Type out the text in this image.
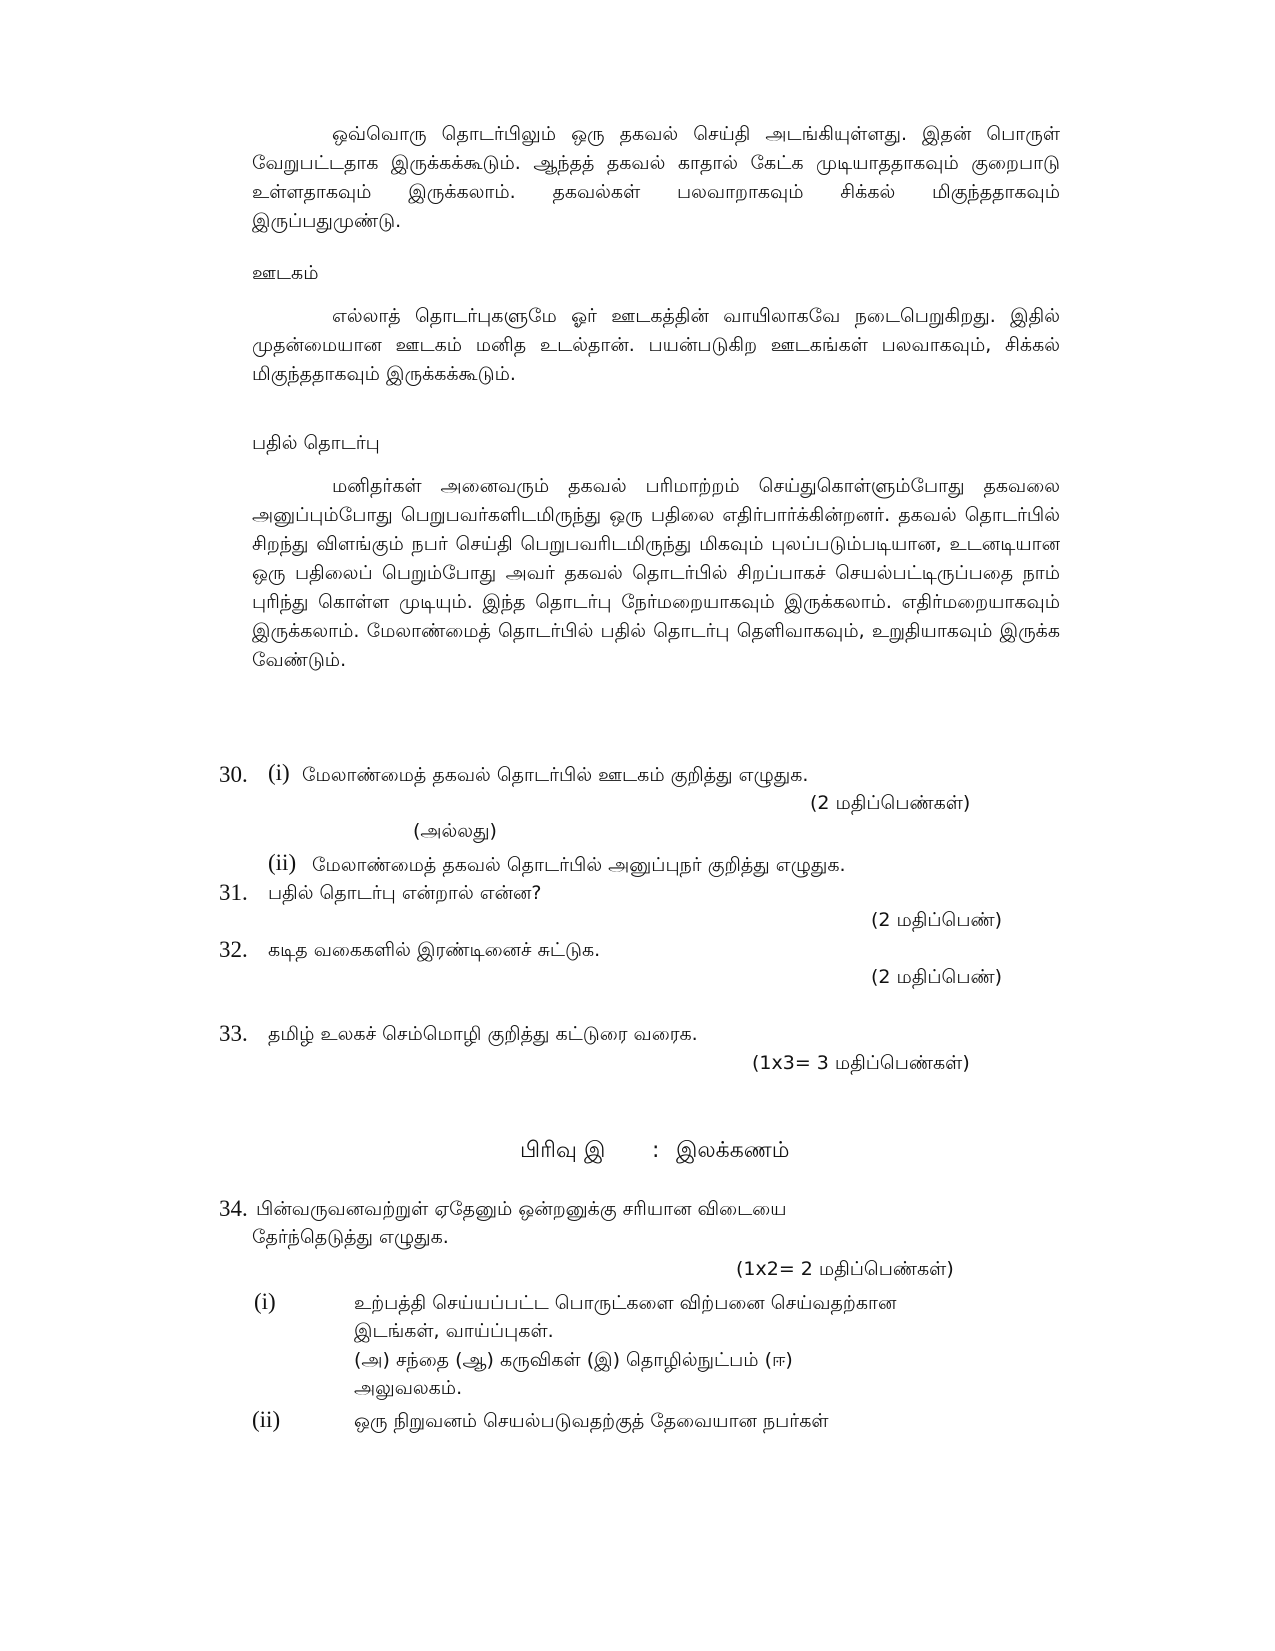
ஒவ்வொரு தொடர்பிலும் ஒரு தகவல் செய்தி அடங்கியுள்ளது. இதன் பொருள் வேறுபட்டதாக இருக்கக்கூடும். ஆந்தத் தகவல் காதால் கேட்க முடியாததாகவும் குறைபாடு உள்ளதாகவும் இருக்கலாம். தகவல்கள் பலவாறாகவும் சிக்கல் மிகுந்ததாகவும் இருப்பதுமுண்டு.

ஊடகம்

எல்லாத் தொடர்புகளுமே ஓர் ஊடகத்தின் வாயிலாகவே நடைபெறுகிறது. இதில் முதன்மையான ஊடகம் மனித உடல்தான். பயன்படுகிற ஊடகங்கள் பலவாகவும், சிக்கல் மிகுந்ததாகவும் இருக்கக்கூடும்.

பதில் தொடர்பு

மனிதர்கள் அனைவரும் தகவல் பரிமாற்றம் செய்துகொள்ளும்போது தகவலை அனுப்பும்போது பெறுபவர்களிடமிருந்து ஒரு பதிலை எதிர்பார்க்கின்றனர். தகவல் தொடர்பில் சிறந்து விளங்கும் நபர் செய்தி பெறுபவரிடமிருந்து மிகவும் புலப்படும்படியான, உடனடியான ஒரு பதிலைப் பெறும்போது அவர் தகவல் தொடர்பில் சிறப்பாகச் செயல்பட்டிருப்பதை நாம் புரிந்து கொள்ள முடியும். இந்த தொடர்பு நேர்மறையாகவும் இருக்கலாம். எதிர்மறையாகவும் இருக்கலாம். மேலாண்மைத் தொடர்பில் பதில் தொடர்பு தெளிவாகவும், உறுதியாகவும் இருக்க வேண்டும்.

30. (i) மேலாண்மைத் தகவல் தொடர்பில் ஊடகம் குறித்து எழுதுக.
(2 மதிப்பெண்கள்)
(அல்லது)
(ii) மேலாண்மைத் தகவல் தொடர்பில் அனுப்புநர் குறித்து எழுதுக.
31. பதில் தொடர்பு என்றால் என்ன?
(2 மதிப்பெண்)
32. கடித வகைகளில் இரண்டினைச் சுட்டுக.
(2 மதிப்பெண்)
33. தமிழ் உலகச் செம்மொழி குறித்து கட்டுரை வரைக.
(1x3= 3 மதிப்பெண்கள்)
பிரிவு இ : இலக்கணம்
34. பின்வருவனவற்றுள் ஏதேனும் ஒன்றனுக்கு சரியான விடையை
தேர்ந்தெடுத்து எழுதுக.
(1x2= 2 மதிப்பெண்கள்)
(i)	உற்பத்தி செய்யப்பட்ட பொருட்களை விற்பனை செய்வதற்கான
இடங்கள், வாய்ப்புகள்.
(அ) சந்தை (ஆ) கருவிகள் (இ) தொழில்நுட்பம் (ஈ)
அலுவலகம்.
(ii)	ஒரு நிறுவனம் செயல்படுவதற்குத் தேவையான நபர்கள்
